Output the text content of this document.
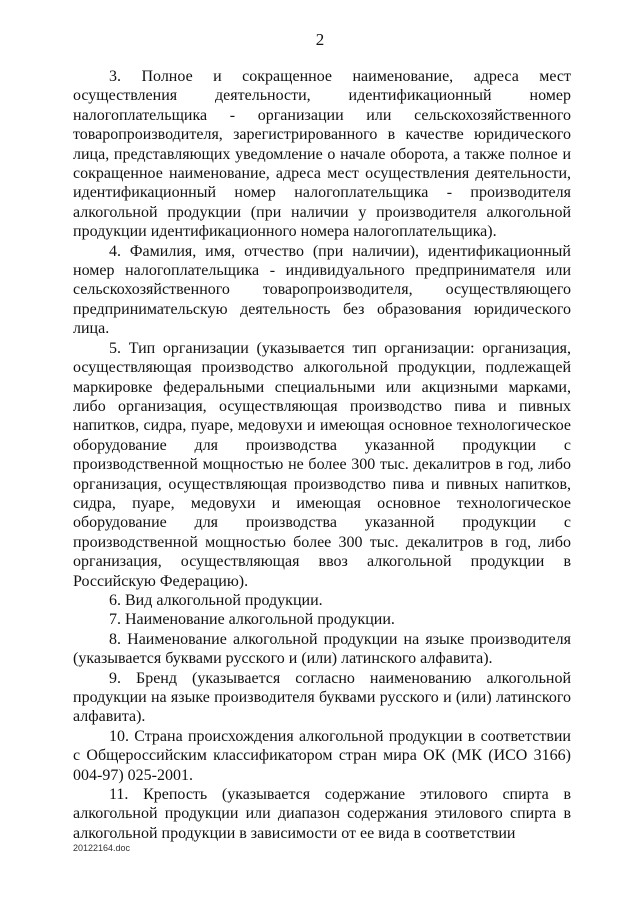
2

3. Полное и сокращенное наименование, адреса мест осуществления деятельности, идентификационный номер налогоплательщика - организации или сельскохозяйственного товаропроизводителя, зарегистрированного в качестве юридического лица, представляющих уведомление о начале оборота, а также полное и сокращенное наименование, адреса мест осуществления деятельности, идентификационный номер налогоплательщика - производителя алкогольной продукции (при наличии у производителя алкогольной продукции идентификационного номера налогоплательщика).

4. Фамилия, имя, отчество (при наличии), идентификационный номер налогоплательщика - индивидуального предпринимателя или сельскохозяйственного товаропроизводителя, осуществляющего предпринимательскую деятельность без образования юридического лица.

5. Тип организации (указывается тип организации: организация, осуществляющая производство алкогольной продукции, подлежащей маркировке федеральными специальными или акцизными марками, либо организация, осуществляющая производство пива и пивных напитков, сидра, пуаре, медовухи и имеющая основное технологическое оборудование для производства указанной продукции с производственной мощностью не более 300 тыс. декалитров в год, либо организация, осуществляющая производство пива и пивных напитков, сидра, пуаре, медовухи и имеющая основное технологическое оборудование для производства указанной продукции с производственной мощностью более 300 тыс. декалитров в год, либо организация, осуществляющая ввоз алкогольной продукции в Российскую Федерацию).

6. Вид алкогольной продукции.

7. Наименование алкогольной продукции.

8. Наименование алкогольной продукции на языке производителя (указывается буквами русского и (или) латинского алфавита).

9. Бренд (указывается согласно наименованию алкогольной продукции на языке производителя буквами русского и (или) латинского алфавита).

10. Страна происхождения алкогольной продукции в соответствии с Общероссийским классификатором стран мира ОК (МК (ИСО 3166) 004-97) 025-2001.

11. Крепость (указывается содержание этилового спирта в алкогольной продукции или диапазон содержания этилового спирта в алкогольной продукции в зависимости от ее вида в соответствии

20122164.doc
